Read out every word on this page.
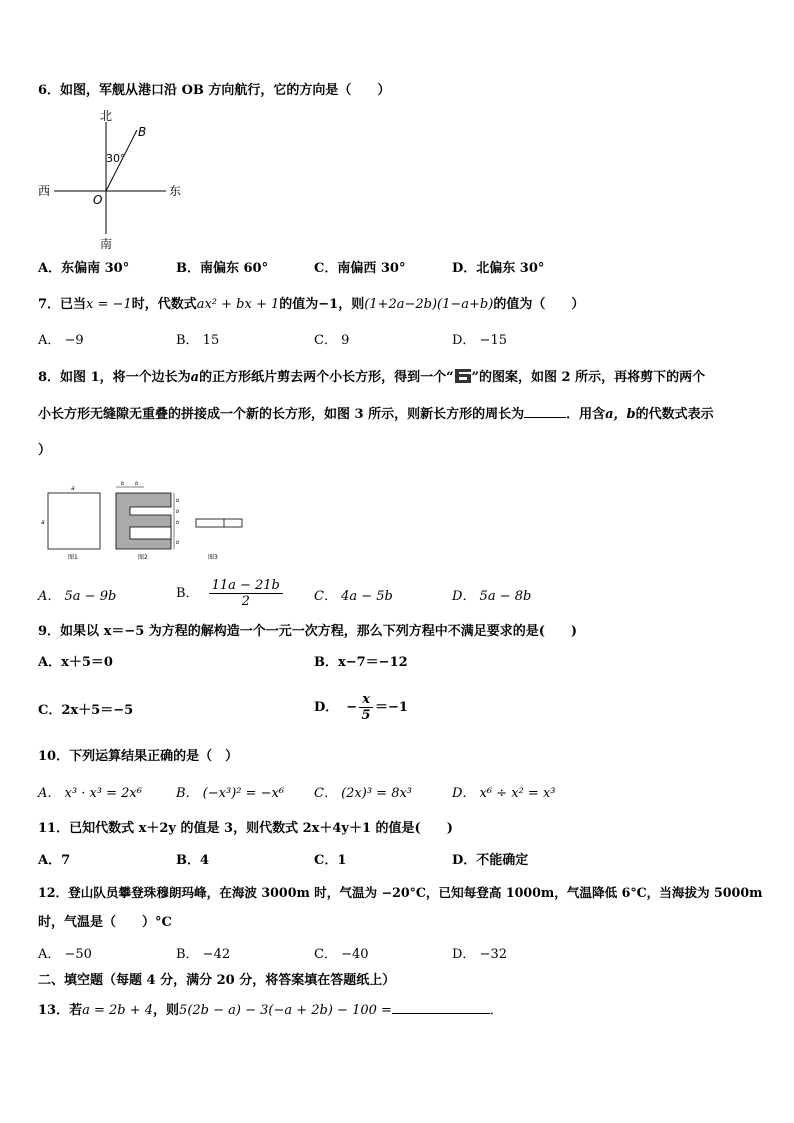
6．如图，军舰从港口沿 OB 方向航行，它的方向是（　　）
北
南
西	东
B
O
30°
A．东偏南 30°	B．南偏东 60°	C．南偏西 30°	D．北偏东 30°
7．已当x = −1时，代数式ax² + bx + 1的值为−1，则(1+2a−2b)(1−a+b)的值为（　　）
A． −9	B． 15	C． 9	D． −15
8．如图 1，将一个边长为a的正方形纸片剪去两个小长方形，得到一个“ ”的图案，如图 2 所示，再将剪下的两个
小长方形无缝隙无重叠的拼接成一个新的长方形，如图 3 所示，则新长方形的周长为	．用含a，b的代数式表示
）
a
a
图1
b b
b
b
b
b
图2	图3
A． 5a − 9b	B． $\frac{11a - 21b}{2}$ C． 4a − 5b	D． 5a − 8b
9．如果以 x＝−5 为方程的解构造一个一元一次方程，那么下列方程中不满足要求的是(　　)
A．x＋5＝0	B．x−7＝−12
C．2x＋5＝−5	D． − $\frac{x}{5} =-1$
10．下列运算结果正确的是（　）
A． x³ · x³ = 2x⁶	B． (−x³)² = −x⁶ C． (2x)³ = 8x³	D． x⁶ ÷ x² = x³
11．已知代数式 x＋2y 的值是 3，则代数式 2x＋4y＋1 的值是(　　)
A．7	B．4	C．1	D．不能确定
12．登山队员攀登珠穆朗玛峰，在海波 3000m 时，气温为 −20°C，已知每登高 1000m，气温降低 6°C，当海拔为 5000m
时，气温是（　　）°C
A． −50	B． −42	C． −40	D． −32
二、填空题（每题 4 分，满分 20 分，将答案填在答题纸上）
13．若a = 2b + 4，则5(2b − a) − 3(−a + 2b) − 100 =	．
